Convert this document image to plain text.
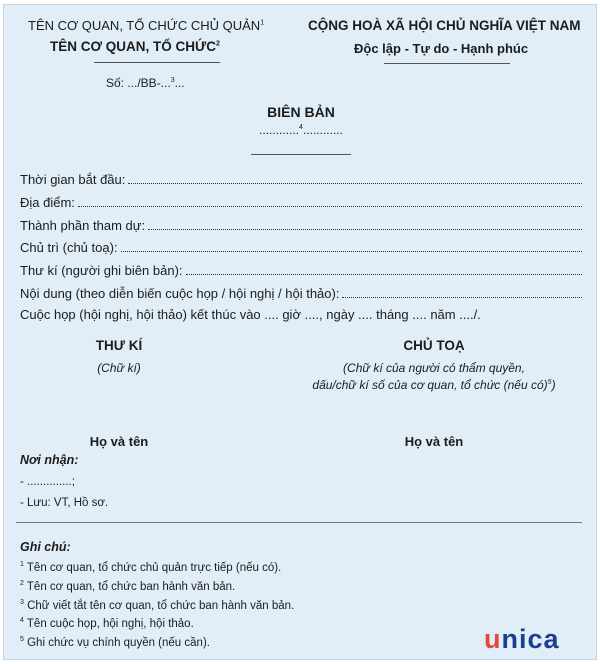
TÊN CƠ QUAN, TỔ CHỨC CHỦ QUẢN$^1$
TÊN CƠ QUAN, TỔ CHỨC$^2$
Số: .../BB-...$^3$...
CỘNG HOÀ XÃ HỘI CHỦ NGHĨA VIỆT NAM
Độc lập - Tự do - Hạnh phúc
BIÊN BẢN
............$^4$............
Thời gian bắt đầu:
Địa điểm:
Thành phần tham dự:
Chủ trì (chủ toạ):
Thư kí (người ghi biên bản):
Nội dung (theo diễn biến cuộc họp / hội nghị / hội thảo):
Cuộc họp (hội nghị, hội thảo) kết thúc vào .... giờ ...., ngày .... tháng .... năm ..../.
THƯ KÍ
(Chữ kí)
CHỦ TOẠ
(Chữ kí của người có thẩm quyền,
dấu/chữ kí số của cơ quan, tổ chức (nếu có)$^5$)
Họ và tên	Họ và tên
Nơi nhận:
- ..............;
- Lưu: VT, Hồ sơ.
Ghi chú:
$^1$ Tên cơ quan, tổ chức chủ quản trực tiếp (nếu có).
$^2$ Tên cơ quan, tổ chức ban hành văn bản.
$^3$ Chữ viết tắt tên cơ quan, tổ chức ban hành văn bản.
$^4$ Tên cuộc họp, hội nghị, hội thảo.
$^5$ Ghi chức vụ chính quyền (nếu cần).	unica
